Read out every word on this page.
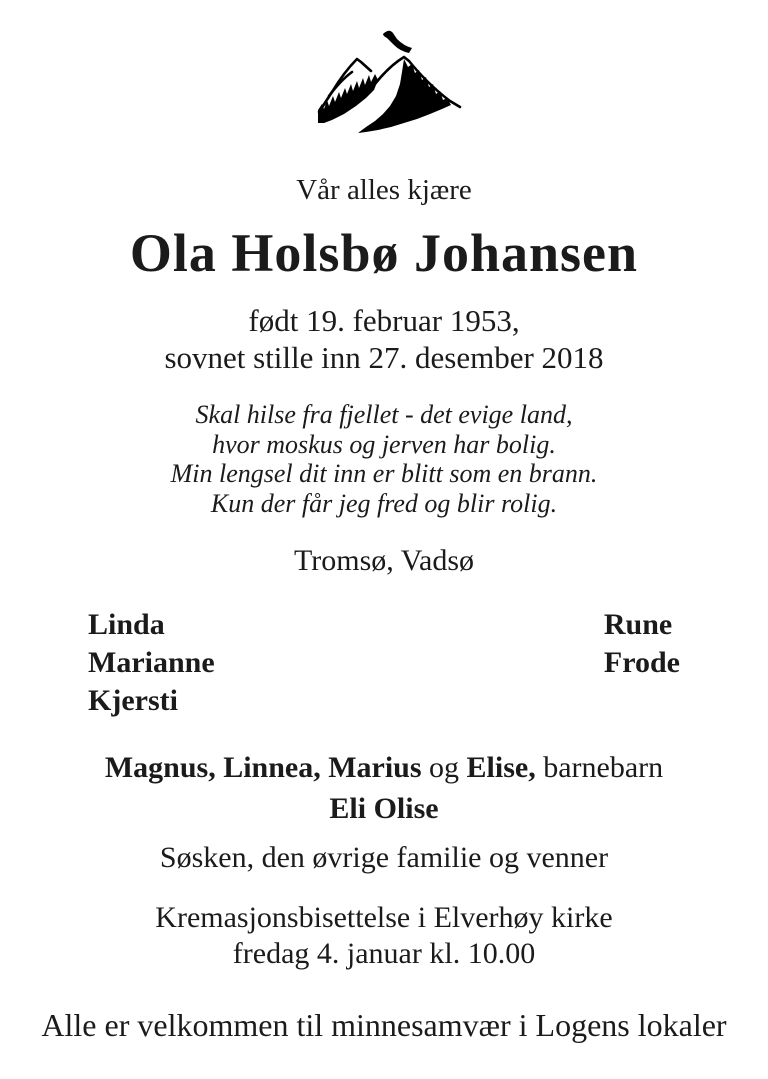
Vår alles kjære
Ola Holsbø Johansen
født 19. februar 1953,
sovnet stille inn 27. desember 2018
Skal hilse fra fjellet - det evige land,
hvor moskus og jerven har bolig.
Min lengsel dit inn er blitt som en brann.
Kun der får jeg fred og blir rolig.
Tromsø, Vadsø
Linda
Marianne
Kjersti
Rune
Frode
Magnus, Linnea, Marius og Elise, barnebarn
Eli Olise
Søsken, den øvrige familie og venner
Kremasjonsbisettelse i Elverhøy kirke
fredag 4. januar kl. 10.00
Alle er velkommen til minnesamvær i Logens lokaler
